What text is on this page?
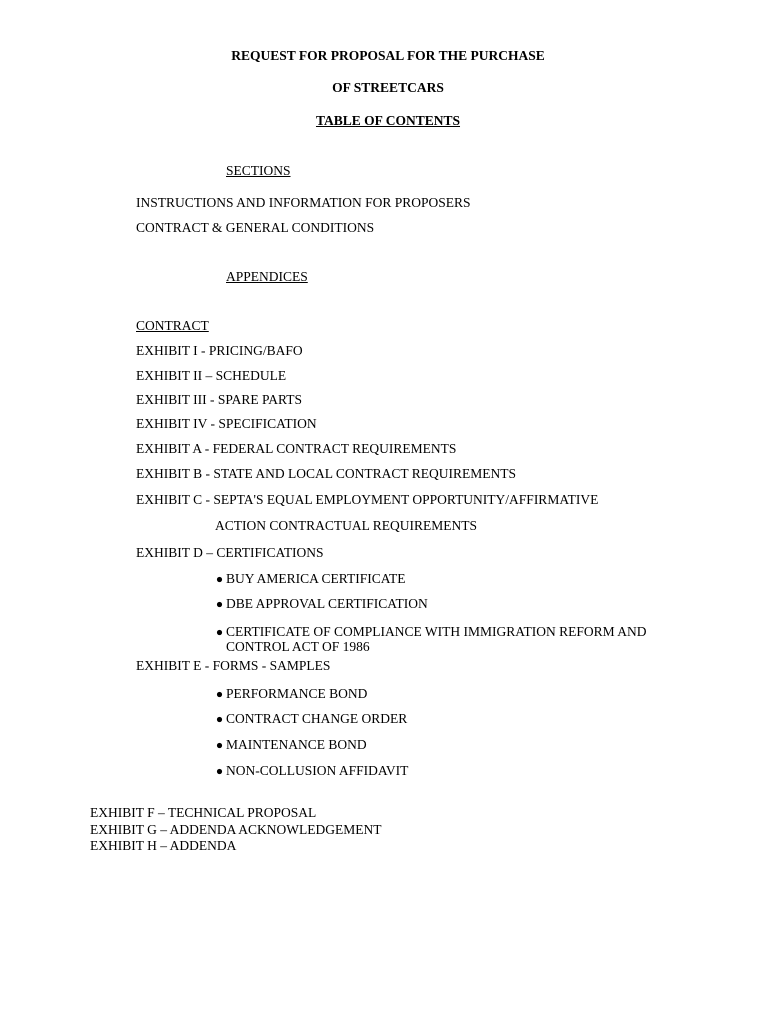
REQUEST FOR PROPOSAL FOR THE PURCHASE
OF STREETCARS
TABLE OF CONTENTS
SECTIONS
INSTRUCTIONS AND INFORMATION FOR PROPOSERS
CONTRACT & GENERAL CONDITIONS
APPENDICES
CONTRACT
EXHIBIT I - PRICING/BAFO
EXHIBIT II – SCHEDULE
EXHIBIT III - SPARE PARTS
EXHIBIT IV - SPECIFICATION
EXHIBIT A - FEDERAL CONTRACT REQUIREMENTS
EXHIBIT B - STATE AND LOCAL CONTRACT REQUIREMENTS
EXHIBIT C - SEPTA'S EQUAL EMPLOYMENT OPPORTUNITY/AFFIRMATIVE
ACTION CONTRACTUAL REQUIREMENTS
EXHIBIT D – CERTIFICATIONS
BUY AMERICA CERTIFICATE
DBE APPROVAL CERTIFICATION
CERTIFICATE OF COMPLIANCE WITH IMMIGRATION REFORM AND
CONTROL ACT OF 1986
EXHIBIT E - FORMS - SAMPLES
PERFORMANCE BOND
CONTRACT CHANGE ORDER
MAINTENANCE BOND
NON-COLLUSION AFFIDAVIT
EXHIBIT F – TECHNICAL PROPOSAL
EXHIBIT G – ADDENDA ACKNOWLEDGEMENT
EXHIBIT H – ADDENDA
